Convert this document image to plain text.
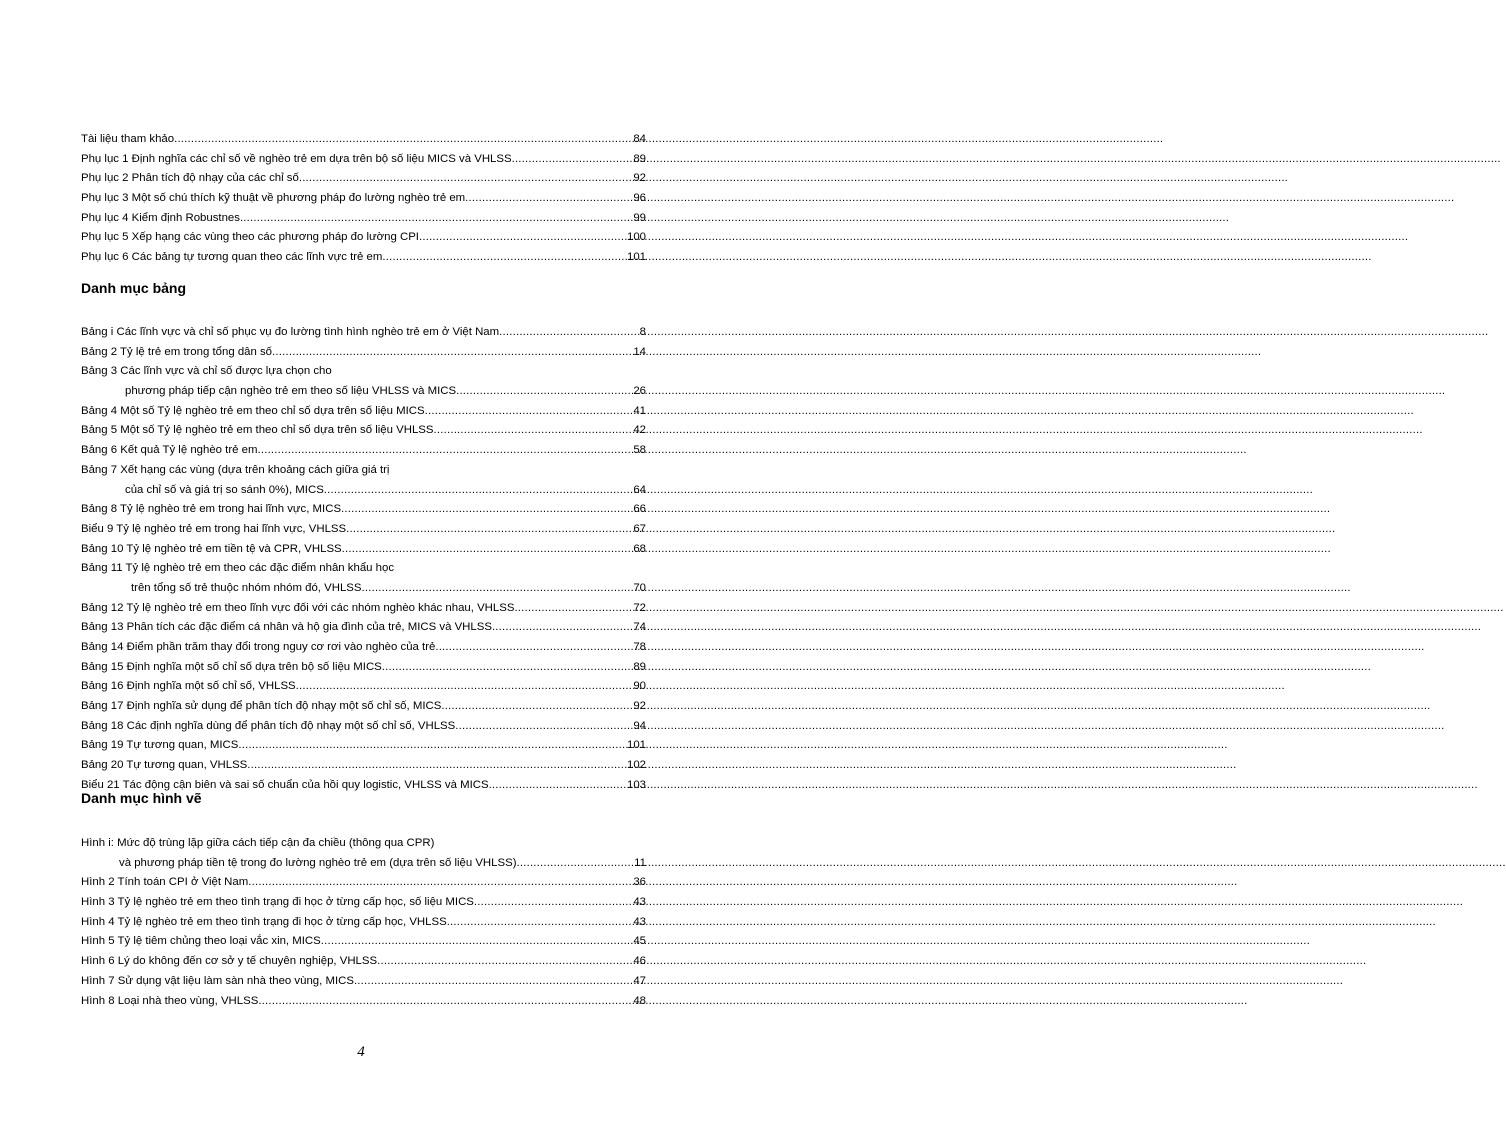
Tài liệu tham khảo .....	84
Phụ lục 1 Định nghĩa các chỉ số về nghèo trẻ em dựa trên bộ số liệu MICS và VHLSS .....	89
Phụ lục 2 Phân tích độ nhạy của các chỉ số .....	92
Phụ lục 3 Một số chú thích kỹ thuật về phương pháp đo lường nghèo trẻ em .....	96
Phụ lục 4 Kiểm định Robustnes .....	99
Phụ lục 5 Xếp hạng các vùng theo các phương pháp đo lường CPI .....	100
Phụ lục 6 Các bảng tự tương quan theo các lĩnh vực trẻ em .....	101
Danh mục bảng
Bảng i Các lĩnh vực và chỉ số phục vụ đo lường tình hình nghèo trẻ em ở Việt Nam .....	8
Bảng 2 Tỷ lệ trẻ em trong tổng dân số .....	14
Bảng 3 Các lĩnh vực và chỉ số được lựa chọn cho
phương pháp tiếp cận nghèo trẻ em theo số liệu VHLSS và MICS .....	26
Bảng 4 Một số Tỷ lệ nghèo trẻ em theo chỉ số dựa trên số liệu MICS .....	41
Bảng 5 Một số Tỷ lệ nghèo trẻ em theo chỉ số dựa trên số liệu VHLSS .....	42
Bảng 6 Kết quả Tỷ lệ nghèo trẻ em .....	58
Bảng 7 Xết hạng các vùng (dựa trên khoảng cách giữa giá trị
của chỉ số và giá trị so sánh 0%), MICS .....	64
Bảng 8 Tỷ lệ nghèo trẻ em trong hai lĩnh vực, MICS .....	66
Biểu 9 Tỷ lệ nghèo trẻ em trong hai lĩnh vực, VHLSS .....	67
Bảng 10 Tỷ lệ nghèo trẻ em tiền tệ và CPR, VHLSS .....	68
Bảng 11 Tỷ lệ nghèo trẻ em theo các đặc điểm nhân khẩu học
trên tổng số trẻ thuộc nhóm nhóm đó, VHLSS .....	70
Bảng 12 Tỷ lệ nghèo trẻ em theo lĩnh vực đối với các nhóm nghèo khác nhau, VHLSS .....	72
Bảng 13 Phân tích các đặc điểm cá nhân và hộ gia đình của trẻ, MICS và VHLSS .....	74
Bảng 14 Điểm phần trăm thay đổi trong nguy cơ rơi vào nghèo của trẻ .....	78
Bảng 15 Định nghĩa một số chỉ số dựa trên bộ số liệu MICS .....	89
Bảng 16 Định nghĩa một số chỉ số, VHLSS .....	90
Bảng 17 Định nghĩa sử dụng để phân tích độ nhạy một số chỉ số, MICS .....	92
Bảng 18 Các định nghĩa dùng để phân tích độ nhạy một số chỉ số, VHLSS .....	94
Bảng 19 Tự tương quan, MICS .....	101
Bảng 20 Tự tương quan, VHLSS .....	102
Biểu 21 Tác động cận biên và sai số chuẩn của hồi quy logistic, VHLSS và MICS .....	103
Danh mục hình vẽ
Hình i: Mức độ trùng lặp giữa cách tiếp cận đa chiều (thông qua CPR)
và phương pháp tiền tệ trong đo lường nghèo trẻ em (dựa trên số liệu VHLSS) .....	11
Hình 2 Tính toán CPI ở Việt Nam .....	36
Hình 3 Tỷ lệ nghèo trẻ em theo tình trạng đi học ở từng cấp học, số liệu MICS .....	43
Hình 4 Tỷ lệ nghèo trẻ em theo tình trạng đi học ở từng cấp học, VHLSS .....	43
Hình 5 Tỷ lệ tiêm chủng theo loại vắc xin, MICS .....	45
Hình 6 Lý do không đến cơ sở y tế chuyên nghiệp, VHLSS .....	46
Hình 7 Sử dụng vật liệu làm sàn nhà theo vùng, MICS .....	47
Hình 8 Loại nhà theo vùng, VHLSS .....	48
4
